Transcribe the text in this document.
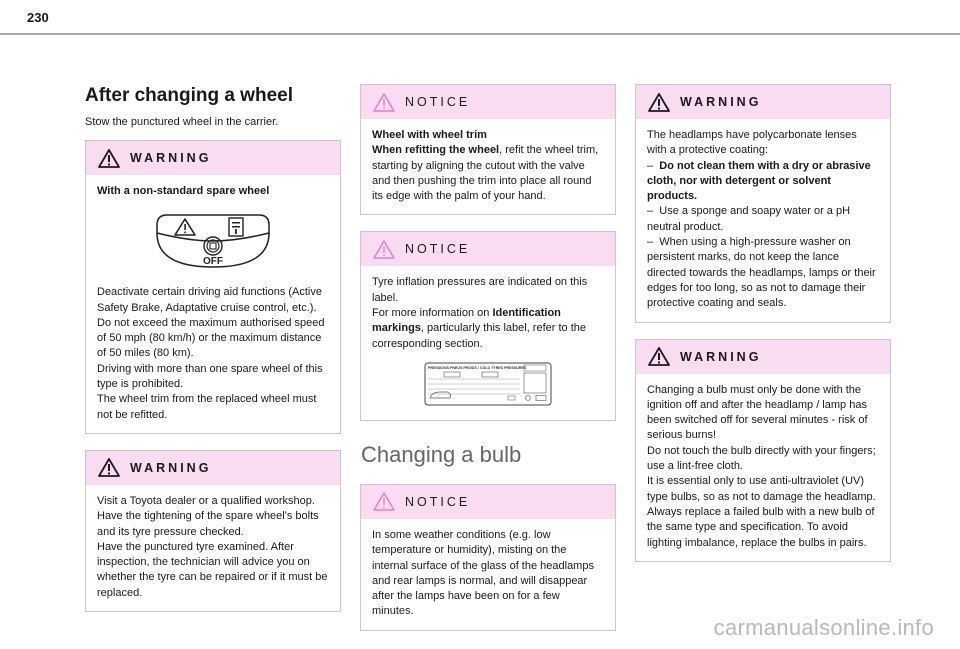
230
After changing a wheel

Stow the punctured wheel in the carrier.

WARNING

With a non-standard spare wheel

OFF

Deactivate certain driving aid functions (Active Safety Brake, Adaptative cruise control, etc.).

Do not exceed the maximum authorised speed of 50 mph (80 km/h) or the maximum distance of 50 miles (80 km).

Driving with more than one spare wheel of this type is prohibited.

The wheel trim from the replaced wheel must not be refitted.

WARNING

Visit a Toyota dealer or a qualified workshop.

Have the tightening of the spare wheel's bolts and its tyre pressure checked.

Have the punctured tyre examined. After inspection, the technician will advice you on whether the tyre can be repaired or if it must be replaced.

NOTICE

Wheel with wheel trim

When refitting the wheel, refit the wheel trim, starting by aligning the cutout with the valve and then pushing the trim into place all round its edge with the palm of your hand.

NOTICE

Tyre inflation pressures are indicated on this label.

For more information on Identification markings, particularly this label, refer to the corresponding section.

PRESSIONS PNEUS FROIDS / COLD TYRES PRESSURES
Changing a bulb
NOTICE

In some weather conditions (e.g. low temperature or humidity), misting on the internal surface of the glass of the headlamps and rear lamps is normal, and will disappear after the lamps have been on for a few minutes.

WARNING

The headlamps have polycarbonate lenses with a protective coating:

– Do not clean them with a dry or abrasive cloth, nor with detergent or solvent products.

– Use a sponge and soapy water or a pH neutral product.

– When using a high-pressure washer on persistent marks, do not keep the lance directed towards the headlamps, lamps or their edges for too long, so as not to damage their protective coating and seals.

WARNING

Changing a bulb must only be done with the ignition off and after the headlamp / lamp has been switched off for several minutes - risk of serious burns!

Do not touch the bulb directly with your fingers; use a lint-free cloth.

It is essential only to use anti-ultraviolet (UV) type bulbs, so as not to damage the headlamp.

Always replace a failed bulb with a new bulb of the same type and specification. To avoid lighting imbalance, replace the bulbs in pairs.

carmanualsonline.info
